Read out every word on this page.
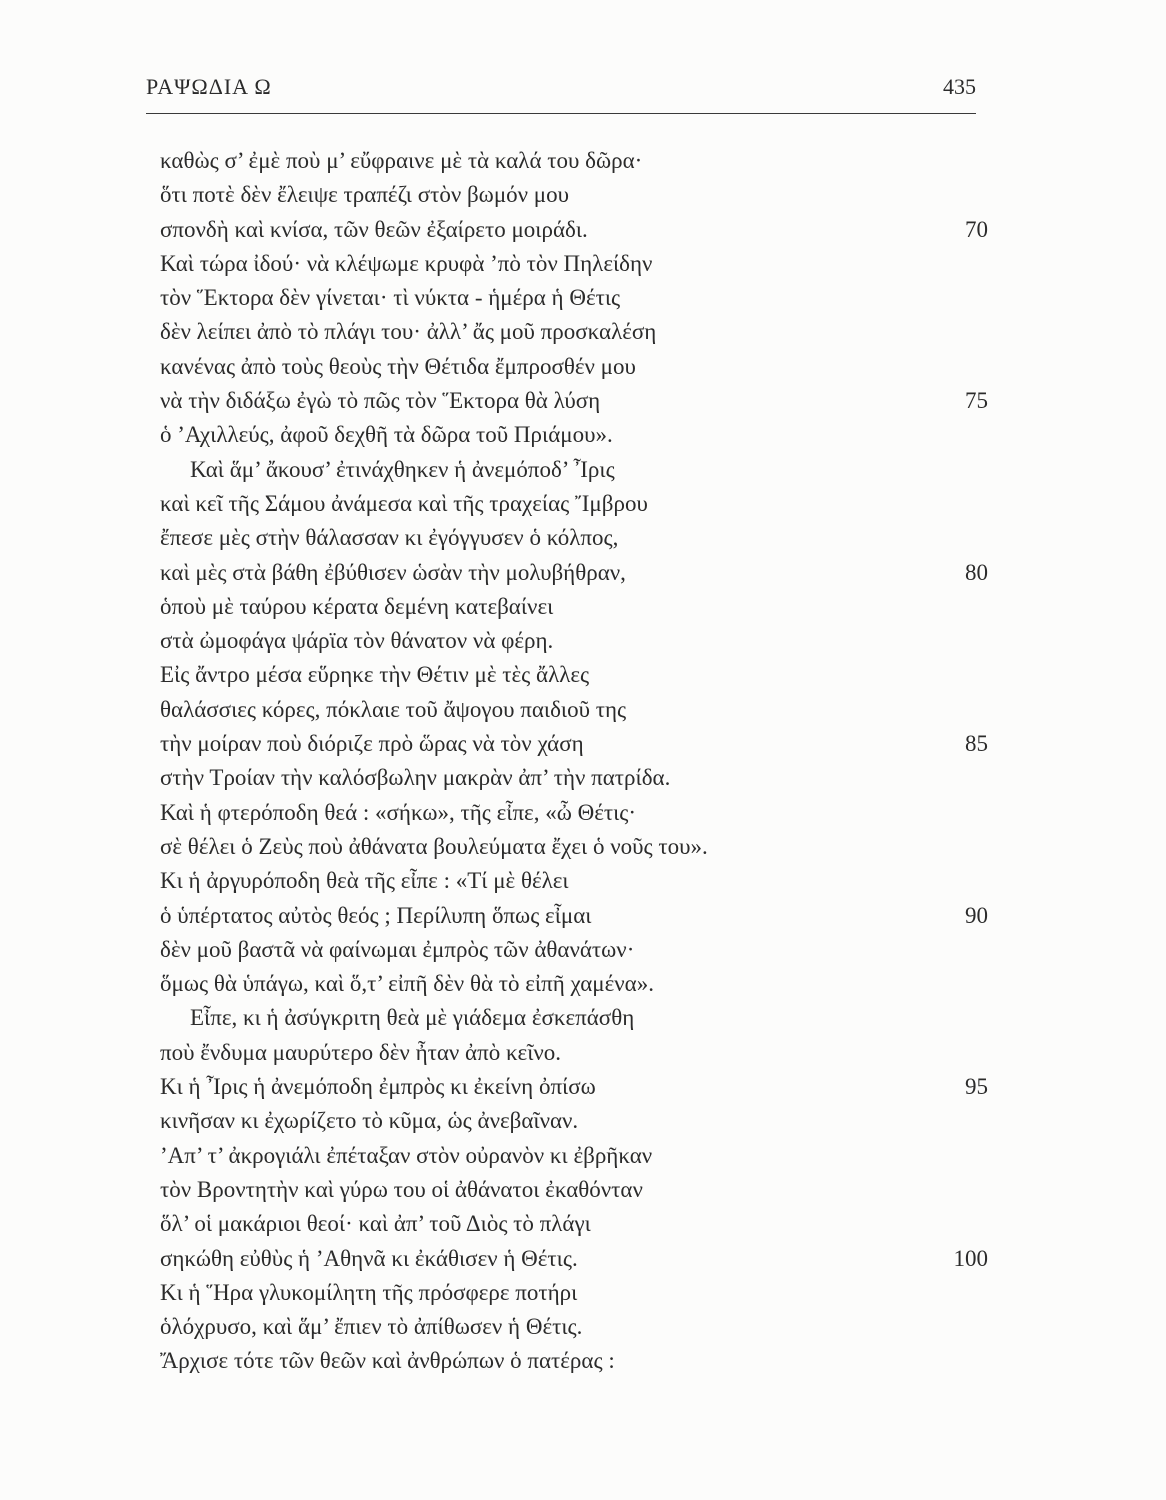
ΡΑΨΩΔΙΑ Ω	435
καθὼς σ’ ἐμὲ ποὺ μ’ εὔφραινε μὲ τὰ καλά του δῶρα·
ὅτι ποτὲ δὲν ἔλειψε τραπέζι στὸν βωμόν μου
σπονδὴ καὶ κνίσα, τῶν θεῶν ἐξαίρετο μοιράδι.	70
Καὶ τώρα ἰδού· νὰ κλέψωμε κρυφὰ ’πὸ τὸν Πηλείδην
τὸν Ἕκτορα δὲν γίνεται· τὶ νύκτα - ἡμέρα ἡ Θέτις
δὲν λείπει ἀπὸ τὸ πλάγι του· ἀλλ’ ἄς μοῦ προσκαλέση
κανένας ἀπὸ τοὺς θεοὺς τὴν Θέτιδα ἔμπροσθέν μου
νὰ τὴν διδάξω ἐγὼ τὸ πῶς τὸν Ἕκτορα θὰ λύση	75
ὁ ’Αχιλλεύς, ἀφοῦ δεχθῆ τὰ δῶρα τοῦ Πριάμου».
Καὶ ἅμ’ ἄκουσ’ ἐτινάχθηκεν ἡ ἀνεμόποδ’ Ἶρις
καὶ κεῖ τῆς Σάμου ἀνάμεσα καὶ τῆς τραχείας Ἴμβρου
ἔπεσε μὲς στὴν θάλασσαν κι ἐγόγγυσεν ὁ κόλπος,
καὶ μὲς στὰ βάθη ἐβύθισεν ὡσὰν τὴν μολυβήθραν,	80
ὁποὺ μὲ ταύρου κέρατα δεμένη κατεβαίνει
στὰ ὠμοφάγα ψάρϊα τὸν θάνατον νὰ φέρη.
Εἰς ἄντρο μέσα εὕρηκε τὴν Θέτιν μὲ τὲς ἄλλες
θαλάσσιες κόρες, πόκλαιε τοῦ ἄψογου παιδιοῦ της
τὴν μοίραν ποὺ διόριζε πρὸ ὥρας νὰ τὸν χάση	85
στὴν Τροίαν τὴν καλόσβωλην μακρὰν ἀπ’ τὴν πατρίδα.
Καὶ ἡ φτερόποδη θεά : «σήκω», τῆς εἶπε, «ὦ Θέτις·
σὲ θέλει ὁ Ζεὺς ποὺ ἀθάνατα βουλεύματα ἔχει ὁ νοῦς του».
Κι ἡ ἀργυρόποδη θεὰ τῆς εἶπε : «Τί μὲ θέλει
ὁ ὑπέρτατος αὐτὸς θεός ; Περίλυπη ὅπως εἶμαι	90
δὲν μοῦ βαστᾶ νὰ φαίνωμαι ἐμπρὸς τῶν ἀθανάτων·
ὅμως θὰ ὑπάγω, καὶ ὅ,τ’ εἰπῆ δὲν θὰ τὸ εἰπῆ χαμένα».
Εἶπε, κι ἡ ἀσύγκριτη θεὰ μὲ γιάδεμα ἐσκεπάσθη
ποὺ ἔνδυμα μαυρύτερο δὲν ἦταν ἀπὸ κεῖνο.
Κι ἡ Ἶρις ἡ ἀνεμόποδη ἐμπρὸς κι ἐκείνη ὀπίσω	95
κινῆσαν κι ἐχωρίζετο τὸ κῦμα, ὡς ἀνεβαῖναν.
’Απ’ τ’ ἀκρογιάλι ἐπέταξαν στὸν οὐρανὸν κι ἐβρῆκαν
τὸν Βροντητὴν καὶ γύρω του οἱ ἀθάνατοι ἐκαθόνταν
ὅλ’ οἱ μακάριοι θεοί· καὶ ἀπ’ τοῦ Διὸς τὸ πλάγι
σηκώθη εὐθὺς ἡ ’Αθηνᾶ κι ἐκάθισεν ἡ Θέτις.	100
Κι ἡ Ἥρα γλυκομίλητη τῆς πρόσφερε ποτήρι
ὁλόχρυσο, καὶ ἅμ’ ἔπιεν τὸ ἀπίθωσεν ἡ Θέτις.
Ἄρχισε τότε τῶν θεῶν καὶ ἀνθρώπων ὁ πατέρας :
